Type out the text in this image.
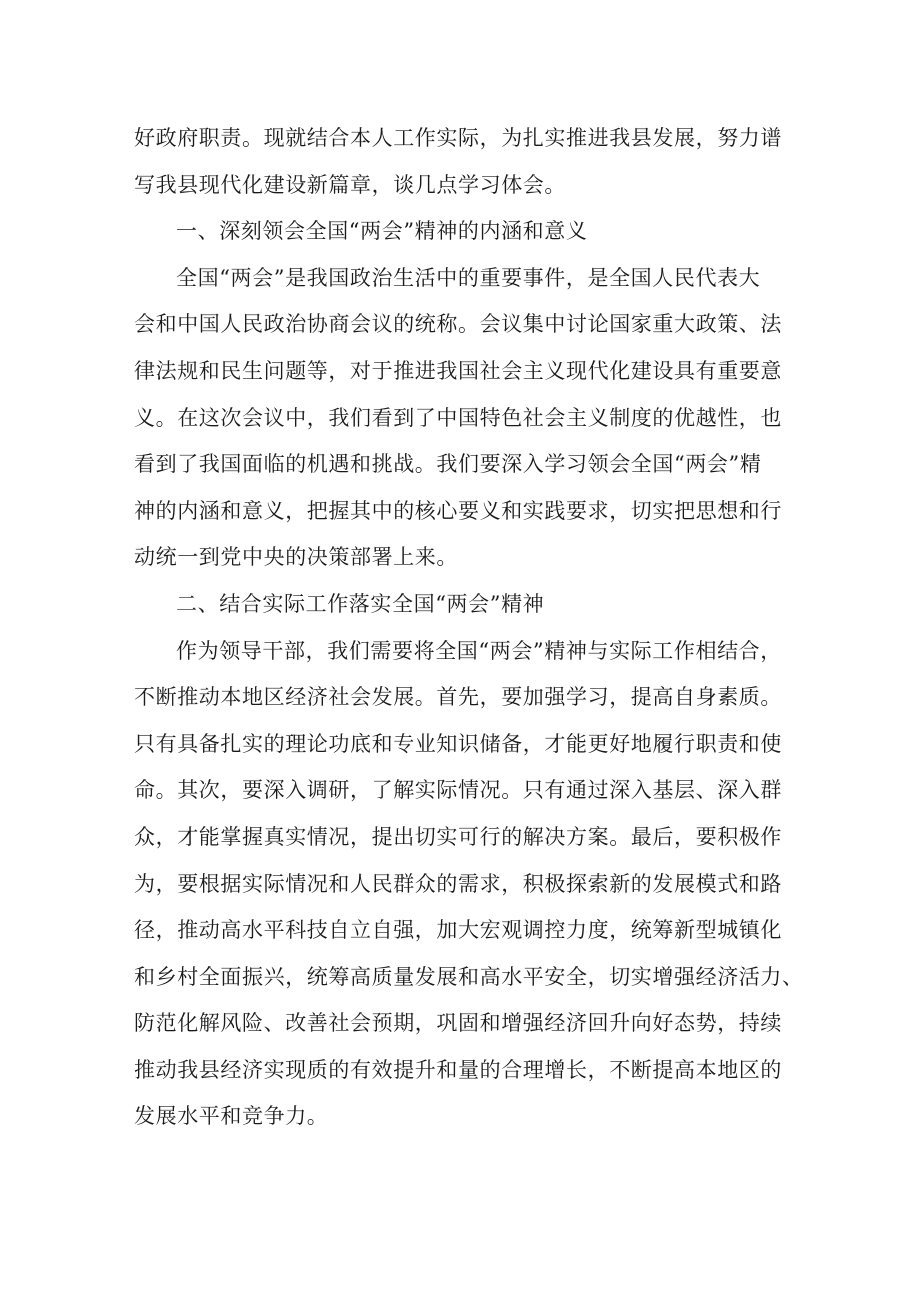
好政府职责。现就结合本人工作实际，为扎实推进我县发展，努力谱
写我县现代化建设新篇章，谈几点学习体会。
一、深刻领会全国“两会”精神的内涵和意义
全国“两会”是我国政治生活中的重要事件，是全国人民代表大
会和中国人民政治协商会议的统称。会议集中讨论国家重大政策、法
律法规和民生问题等，对于推进我国社会主义现代化建设具有重要意
义。在这次会议中，我们看到了中国特色社会主义制度的优越性，也
看到了我国面临的机遇和挑战。我们要深入学习领会全国“两会”精
神的内涵和意义，把握其中的核心要义和实践要求，切实把思想和行
动统一到党中央的决策部署上来。
二、结合实际工作落实全国“两会”精神
作为领导干部，我们需要将全国“两会”精神与实际工作相结合，
不断推动本地区经济社会发展。首先，要加强学习，提高自身素质。
只有具备扎实的理论功底和专业知识储备，才能更好地履行职责和使
命。其次，要深入调研，了解实际情况。只有通过深入基层、深入群
众，才能掌握真实情况，提出切实可行的解决方案。最后，要积极作
为，要根据实际情况和人民群众的需求，积极探索新的发展模式和路
径，推动高水平科技自立自强，加大宏观调控力度，统筹新型城镇化
和乡村全面振兴，统筹高质量发展和高水平安全，切实增强经济活力、
防范化解风险、改善社会预期，巩固和增强经济回升向好态势，持续
推动我县经济实现质的有效提升和量的合理增长，不断提高本地区的
发展水平和竞争力。
